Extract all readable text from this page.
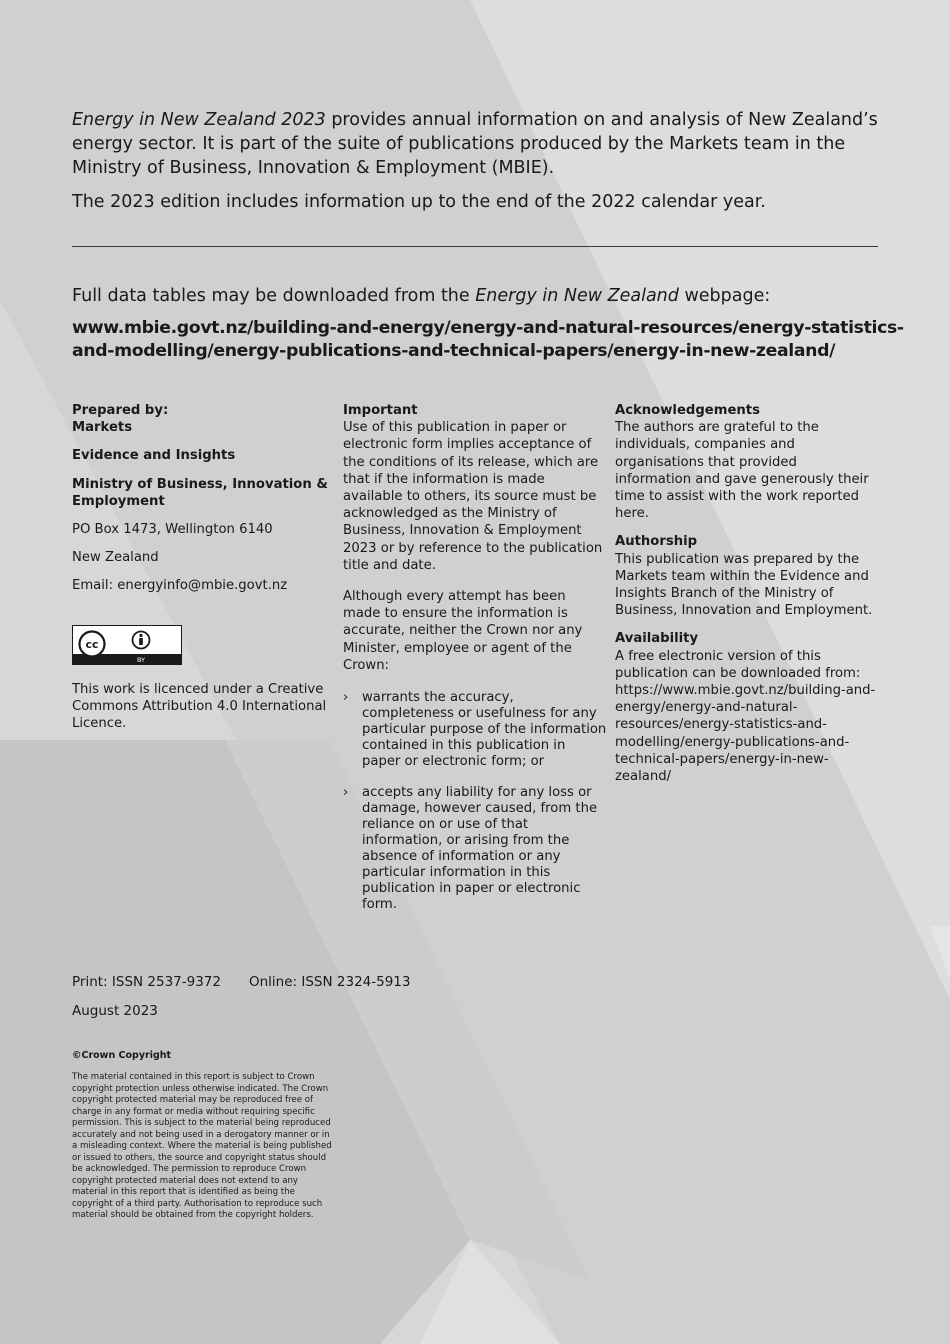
Energy in New Zealand 2023 provides annual information on and analysis of New Zealand’s energy sector. It is part of the suite of publications produced by the Markets team in the Ministry of Business, Innovation & Employment (MBIE).

The 2023 edition includes information up to the end of the 2022 calendar year.

Full data tables may be downloaded from the Energy in New Zealand webpage:

www.mbie.govt.nz/building-and-energy/energy-and-natural-resources/energy-statistics-
and-modelling/energy-publications-and-technical-papers/energy-in-new-zealand/

Prepared by:

Markets

Evidence and Insights

Ministry of Business, Innovation & Employment

PO Box 1473, Wellington 6140

New Zealand

Email: energyinfo@mbie.govt.nz

cc
BY

This work is licenced under a Creative Commons Attribution 4.0 International Licence.

Important

Use of this publication in paper or electronic form implies acceptance of the conditions of its release, which are that if the information is made available to others, its source must be acknowledged as the Ministry of Business, Innovation & Employment 2023 or by reference to the publication title and date.

Although every attempt has been made to ensure the information is accurate, neither the Crown nor any Minister, employee or agent of the Crown:

› warrants the accuracy, completeness or usefulness for any particular purpose of the information contained in this publication in paper or electronic form; or
› accepts any liability for any loss or damage, however caused, from the reliance on or use of that information, or arising from the absence of information or any particular information in this publication in paper or electronic form.

Acknowledgements

The authors are grateful to the individuals, companies and organisations that provided information and gave generously their time to assist with the work reported here.

Authorship

This publication was prepared by the Markets team within the Evidence and Insights Branch of the Ministry of Business, Innovation and Employment.

Availability

A free electronic version of this publication can be downloaded from: https://www.mbie.govt.nz/building-and-energy/energy-and-natural-resources/energy-statistics-and-modelling/energy-publications-and-technical-papers/energy-in-new-zealand/

Print: ISSN 2537-9372 Online: ISSN 2324-5913
August 2023
©Crown Copyright
The material contained in this report is subject to Crown copyright protection unless otherwise indicated. The Crown copyright protected material may be reproduced free of charge in any format or media without requiring specific permission. This is subject to the material being reproduced accurately and not being used in a derogatory manner or in a misleading context. Where the material is being published or issued to others, the source and copyright status should be acknowledged. The permission to reproduce Crown copyright protected material does not extend to any material in this report that is identified as being the copyright of a third party. Authorisation to reproduce such material should be obtained from the copyright holders.
